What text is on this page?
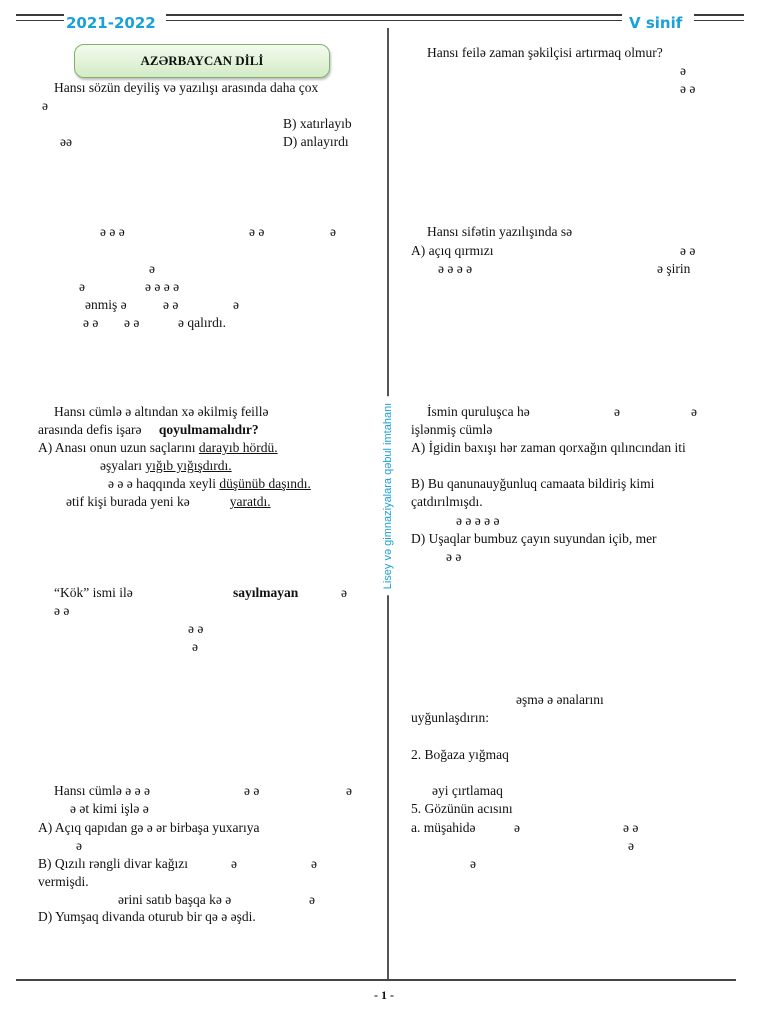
2021-2022	V sinif
AZƏRBAYCAN DİLİ
Lisey və gimnaziyalara qəbul imtahanı
Hansı sözün deyiliş və yazılışı arasında daha çox
ə
B) xatırlayıb
əə	D) anlayırdı
ə ə ə	ə ə	ə
ə
ə	ə ə ə ə
ənmiş ə	ə ə	ə
ə ə ə ə	ə qalırdı.
Hansı cümlə ə altından xə əkilmiş feillə
arasında defis işarə qoyulmamalıdır?
A) Anası onun uzun saçlarını darayıb hördü.
əşyaları yığıb yığışdırdı.
ə ə ə haqqında xeyli düşünüb daşındı.
ətif kişi burada yeni kə	yaratdı.
“Kök” ismi ilə	sayılmayan	ə
ə ə
ə ə
ə
Hansı cümlə ə ə ə	ə ə	ə
ə ət kimi işlə ə
A) Açıq qapıdan gə ə ər birbaşa yuxarıya
ə
B) Qızılı rəngli divar kağızı	ə	ə
vermişdi.
ərini satıb başqa kə ə	ə
D) Yumşaq divanda oturub bir qə ə əşdi.
Hansı feilə zaman şəkilçisi artırmaq olmur?
ə
ə ə
Hansı sifətin yazılışında sə
A) açıq qırmızı	ə ə
ə ə ə ə	ə şirin
İsmin quruluşca hə	ə	ə
işlənmiş cümlə
A) İgidin baxışı hər zaman qorxağın qılıncından iti
B) Bu qanunauyğunluq camaata bildiriş kimi
çatdırılmışdı.
ə ə ə ə ə
D) Uşaqlar bumbuz çayın suyundan içib, mer
ə ə
əşmə ə ənalarını
uyğunlaşdırın:
2. Boğaza yığmaq
əyi çırtlamaq
5. Gözünün acısını
a. müşahidə	ə	ə ə
ə
ə
- 1 -
